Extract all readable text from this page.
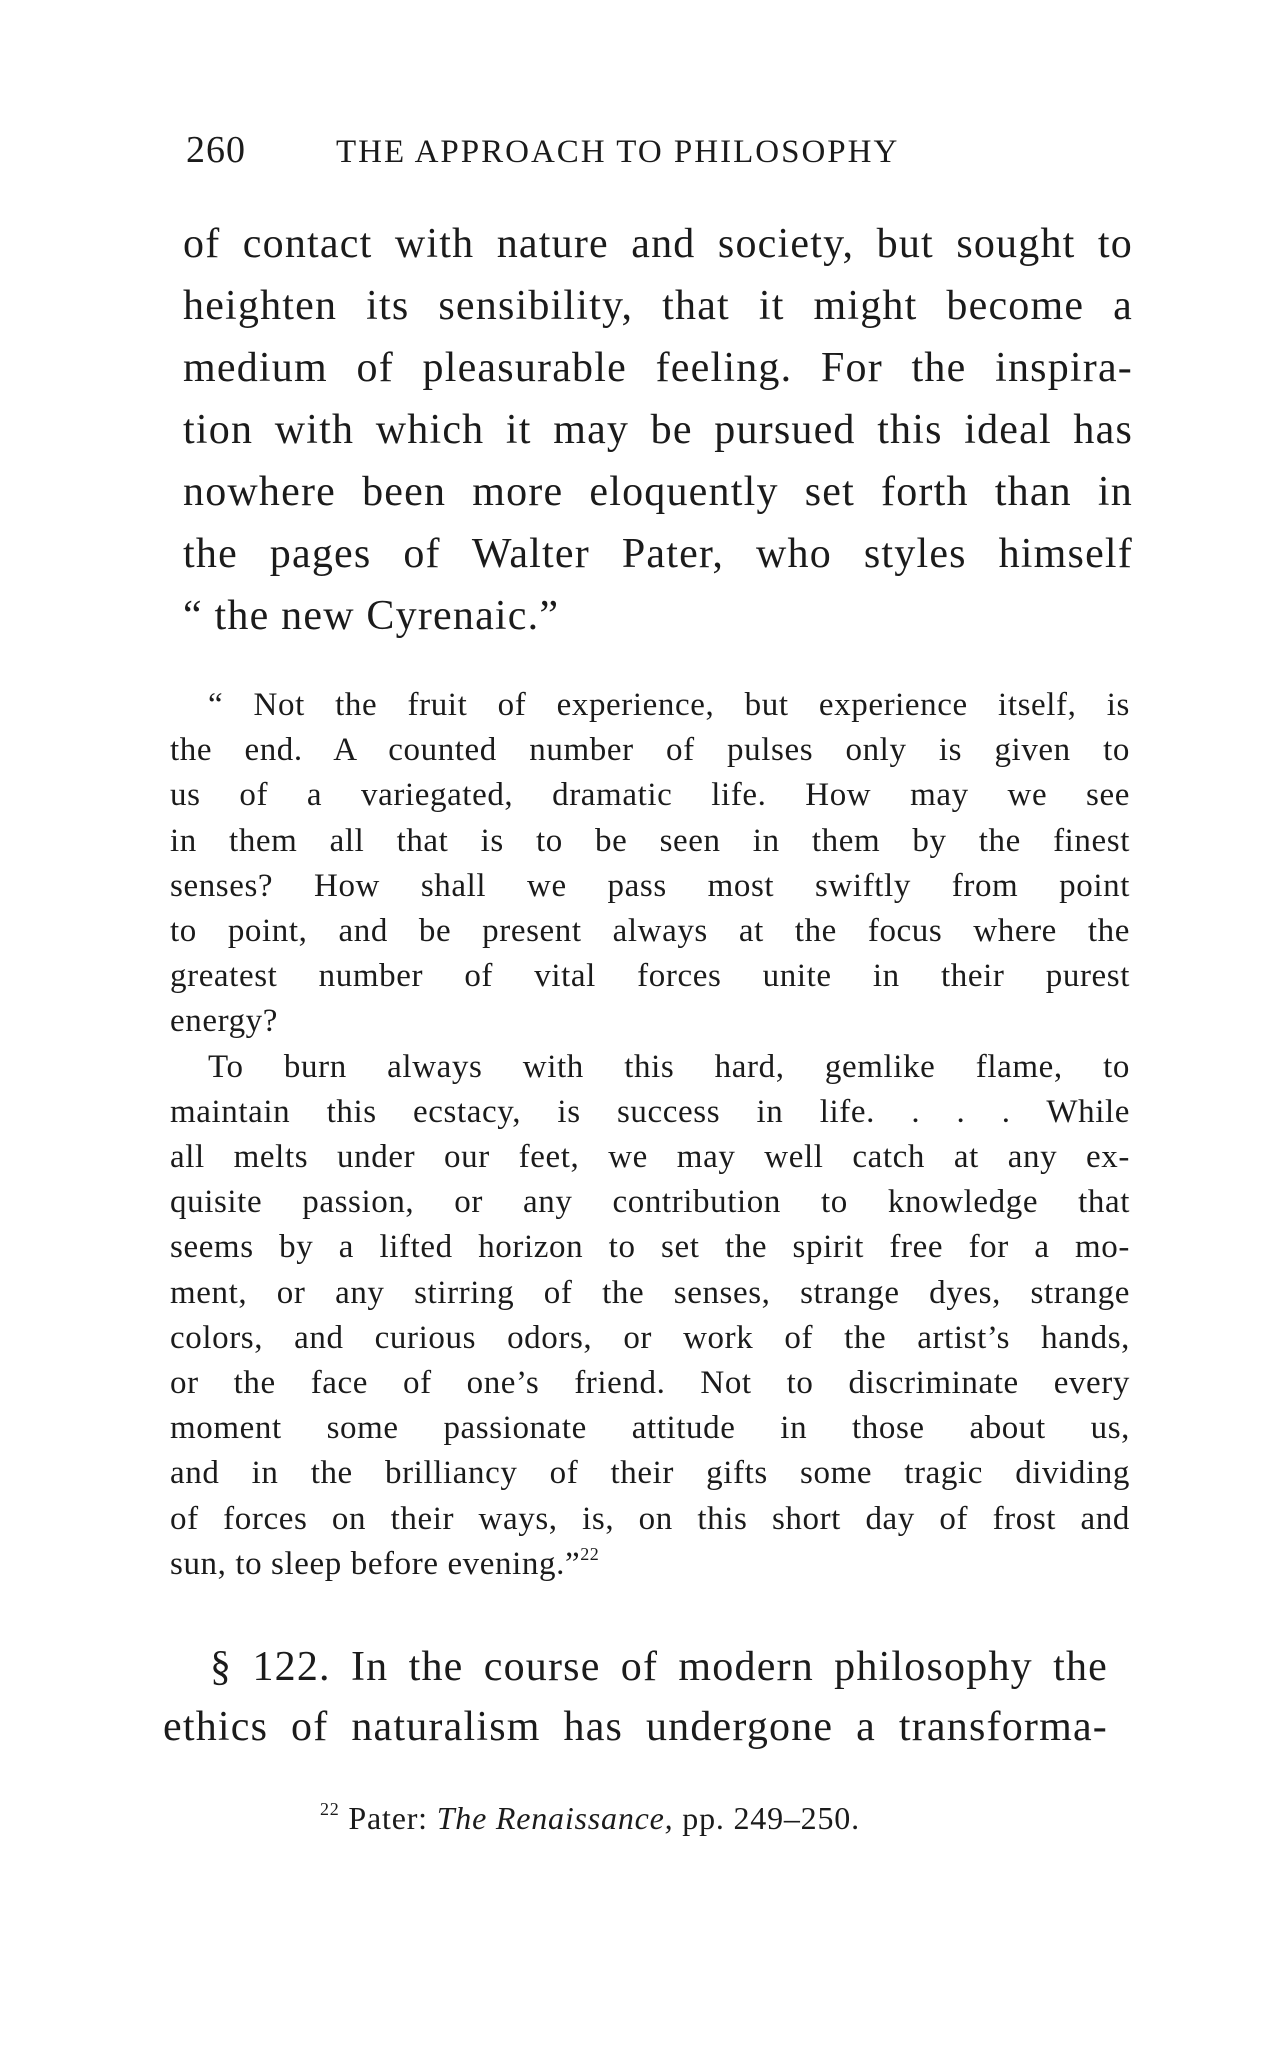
260	THE APPROACH TO PHILOSOPHY
of contact with nature and society, but sought to
heighten its sensibility, that it might become a
medium of pleasurable feeling. For the inspira-
tion with which it may be pursued this ideal has
nowhere been more eloquently set forth than in
the pages of Walter Pater, who styles himself
“ the new Cyrenaic.”
“ Not the fruit of experience, but experience itself, is
the end. A counted number of pulses only is given to
us of a variegated, dramatic life. How may we see
in them all that is to be seen in them by the finest
senses? How shall we pass most swiftly from point
to point, and be present always at the focus where the
greatest number of vital forces unite in their purest
energy?
To burn always with this hard, gemlike flame, to
maintain this ecstacy, is success in life. . . . While
all melts under our feet, we may well catch at any ex-
quisite passion, or any contribution to knowledge that
seems by a lifted horizon to set the spirit free for a mo-
ment, or any stirring of the senses, strange dyes, strange
colors, and curious odors, or work of the artist’s hands,
or the face of one’s friend. Not to discriminate every
moment some passionate attitude in those about us,
and in the brilliancy of their gifts some tragic dividing
of forces on their ways, is, on this short day of frost and
sun, to sleep before evening.”$^{22}$
§ 122. In the course of modern philosophy the
ethics of naturalism has undergone a transforma-
$^{22}$ Pater: The Renaissance, pp. 249–250.
